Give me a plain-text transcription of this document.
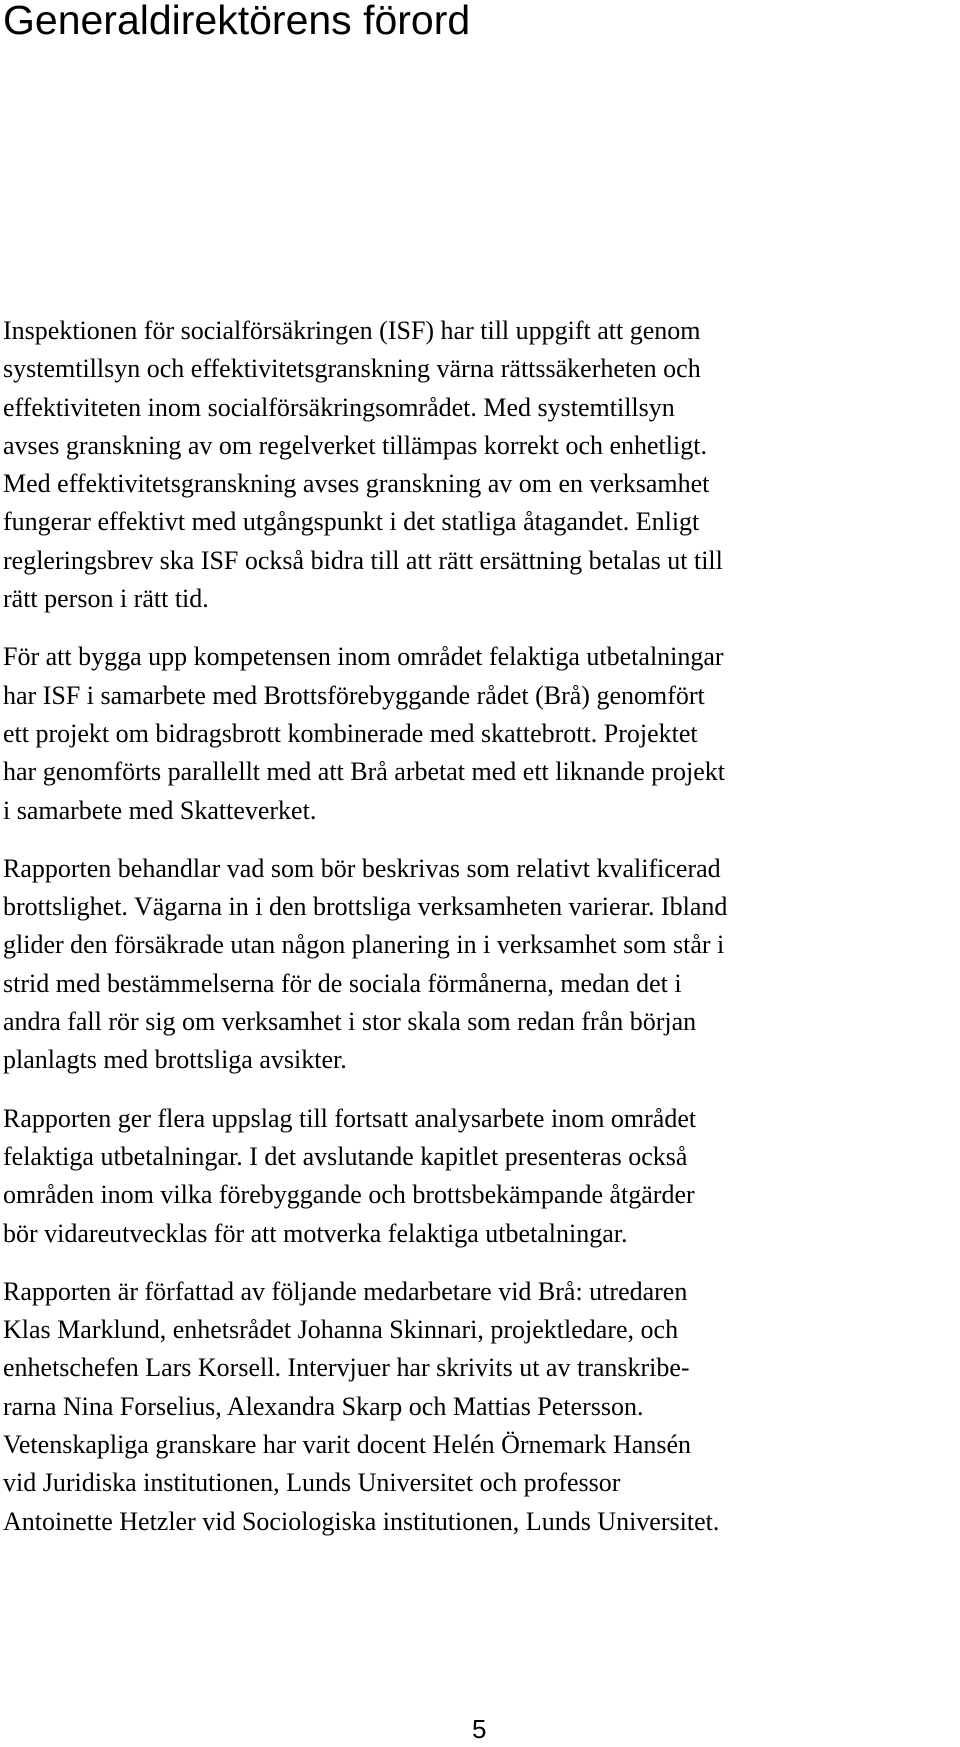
Generaldirektörens förord

Inspektionen för socialförsäkringen (ISF) har till uppgift att genom
systemtillsyn och effektivitetsgranskning värna rättssäkerheten och
effektiviteten inom socialförsäkringsområdet. Med systemtillsyn
avses granskning av om regelverket tillämpas korrekt och enhetligt.
Med effektivitetsgranskning avses granskning av om en verksamhet
fungerar effektivt med utgångspunkt i det statliga åtagandet. Enligt
regleringsbrev ska ISF också bidra till att rätt ersättning betalas ut till
rätt person i rätt tid.

För att bygga upp kompetensen inom området felaktiga utbetalningar
har ISF i samarbete med Brottsförebyggande rådet (Brå) genomfört
ett projekt om bidragsbrott kombinerade med skattebrott. Projektet
har genomförts parallellt med att Brå arbetat med ett liknande projekt
i samarbete med Skatteverket.

Rapporten behandlar vad som bör beskrivas som relativt kvalificerad
brottslighet. Vägarna in i den brottsliga verksamheten varierar. Ibland
glider den försäkrade utan någon planering in i verksamhet som står i
strid med bestämmelserna för de sociala förmånerna, medan det i
andra fall rör sig om verksamhet i stor skala som redan från början
planlagts med brottsliga avsikter.

Rapporten ger flera uppslag till fortsatt analysarbete inom området
felaktiga utbetalningar. I det avslutande kapitlet presenteras också
områden inom vilka förebyggande och brottsbekämpande åtgärder
bör vidareutvecklas för att motverka felaktiga utbetalningar.

Rapporten är författad av följande medarbetare vid Brå: utredaren
Klas Marklund, enhetsrådet Johanna Skinnari, projektledare, och
enhetschefen Lars Korsell. Intervjuer har skrivits ut av transkribe-
rarna Nina Forselius, Alexandra Skarp och Mattias Petersson.
Vetenskapliga granskare har varit docent Helén Örnemark Hansén
vid Juridiska institutionen, Lunds Universitet och professor
Antoinette Hetzler vid Sociologiska institutionen, Lunds Universitet.

5
